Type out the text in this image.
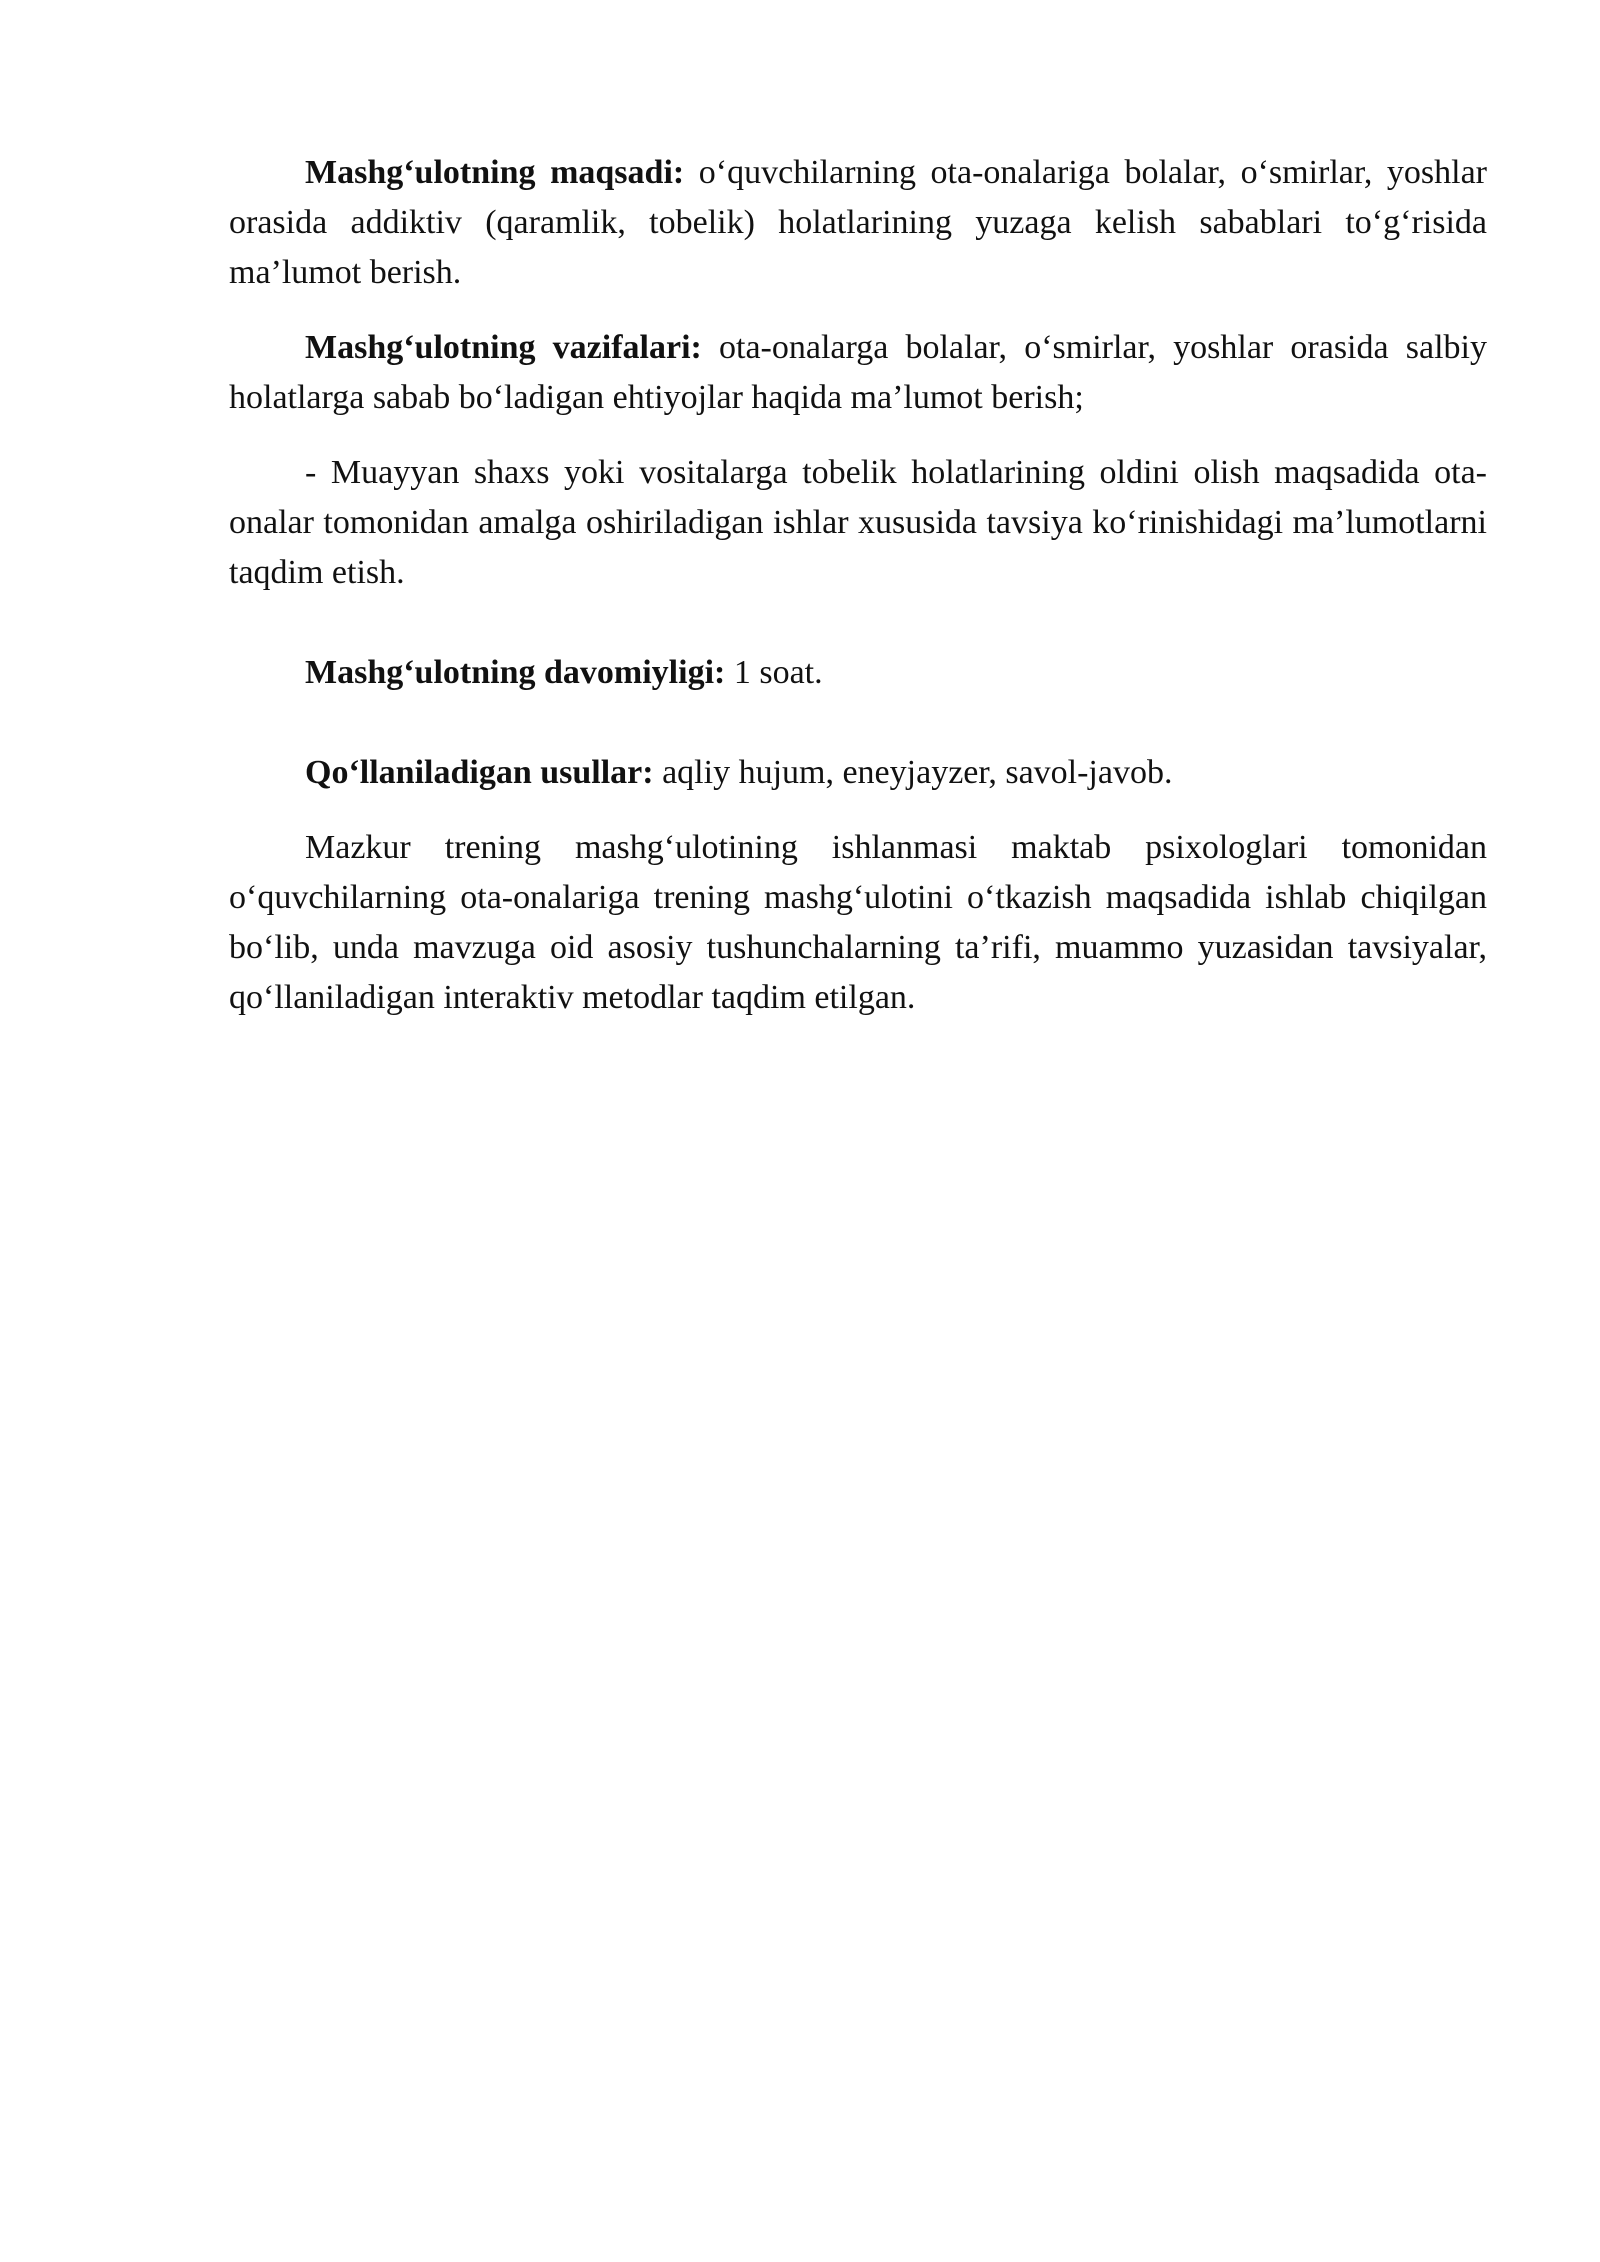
Mashg‘ulotning maqsadi: o‘quvchilarning ota-onalariga bolalar, o‘smirlar, yoshlar orasida addiktiv (qaramlik, tobelik) holatlarining yuzaga kelish sabablari to‘g‘risida ma’lumot berish.

Mashg‘ulotning vazifalari: ota-onalarga bolalar, o‘smirlar, yoshlar orasida salbiy holatlarga sabab bo‘ladigan ehtiyojlar haqida ma’lumot berish;

- Muayyan shaxs yoki vositalarga tobelik holatlarining oldini olish maqsadida ota-onalar tomonidan amalga oshiriladigan ishlar xususida tavsiya ko‘rinishidagi ma’lumotlarni taqdim etish.

Mashg‘ulotning davomiyligi: 1 soat.

Qo‘llaniladigan usullar: aqliy hujum, eneyjayzer, savol-javob.

Mazkur trening mashg‘ulotining ishlanmasi maktab psixologlari tomonidan o‘quvchilarning ota-onalariga trening mashg‘ulotini o‘tkazish maqsadida ishlab chiqilgan bo‘lib, unda mavzuga oid asosiy tushunchalarning ta’rifi, muammo yuzasidan tavsiyalar, qo‘llaniladigan interaktiv metodlar taqdim etilgan.
